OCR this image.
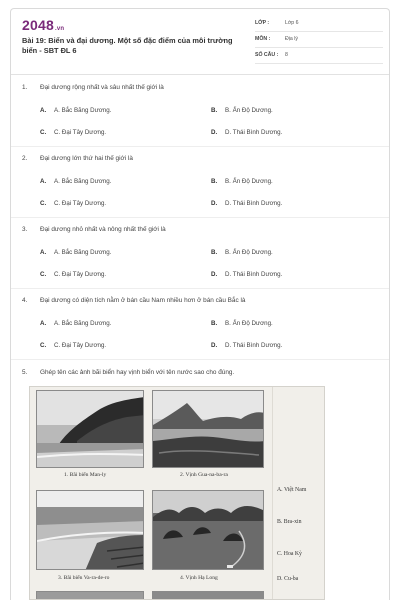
2048.vn
Bài 19: Biển và đại dương. Một số đặc điểm của môi trường biển - SBT ĐL 6
LỚP :	Lớp 6
MÔN :	Địa lý
SỐ CÂU : 8
1. Đại dương rộng nhất và sâu nhất thế giới là
A. A. Bắc Băng Dương.	B. B. Ấn Độ Dương.
C. C. Đại Tây Dương.	D. D. Thái Bình Dương.
2. Đại dương lớn thứ hai thế giới là
A. A. Bắc Băng Dương.	B. B. Ấn Độ Dương.
C. C. Đại Tây Dương.	D. D. Thái Bình Dương.
3. Đại dương nhỏ nhất và nông nhất thế giới là
A. A. Bắc Băng Dương.	B. B. Ấn Độ Dương.
C. C. Đại Tây Dương.	D. D. Thái Bình Dương.
4. Đại dương có diện tích nằm ở bán cầu Nam nhiều hơn ở bán cầu Bắc là
A. A. Bắc Băng Dương.	B. B. Ấn Độ Dương.
C. C. Đại Tây Dương.	D. D. Thái Bình Dương.
5. Ghép tên các ảnh bãi biển hay vịnh biển với tên nước sao cho đúng.
1. Bãi biển Man-ly	2. Vịnh Gua-na-ba-ra
3. Bãi biển Va-ra-de-ro	4. Vịnh Hạ Long
A. Việt Nam
B. Bra-xin
C. Hoa Kỳ
D. Cu-ba
